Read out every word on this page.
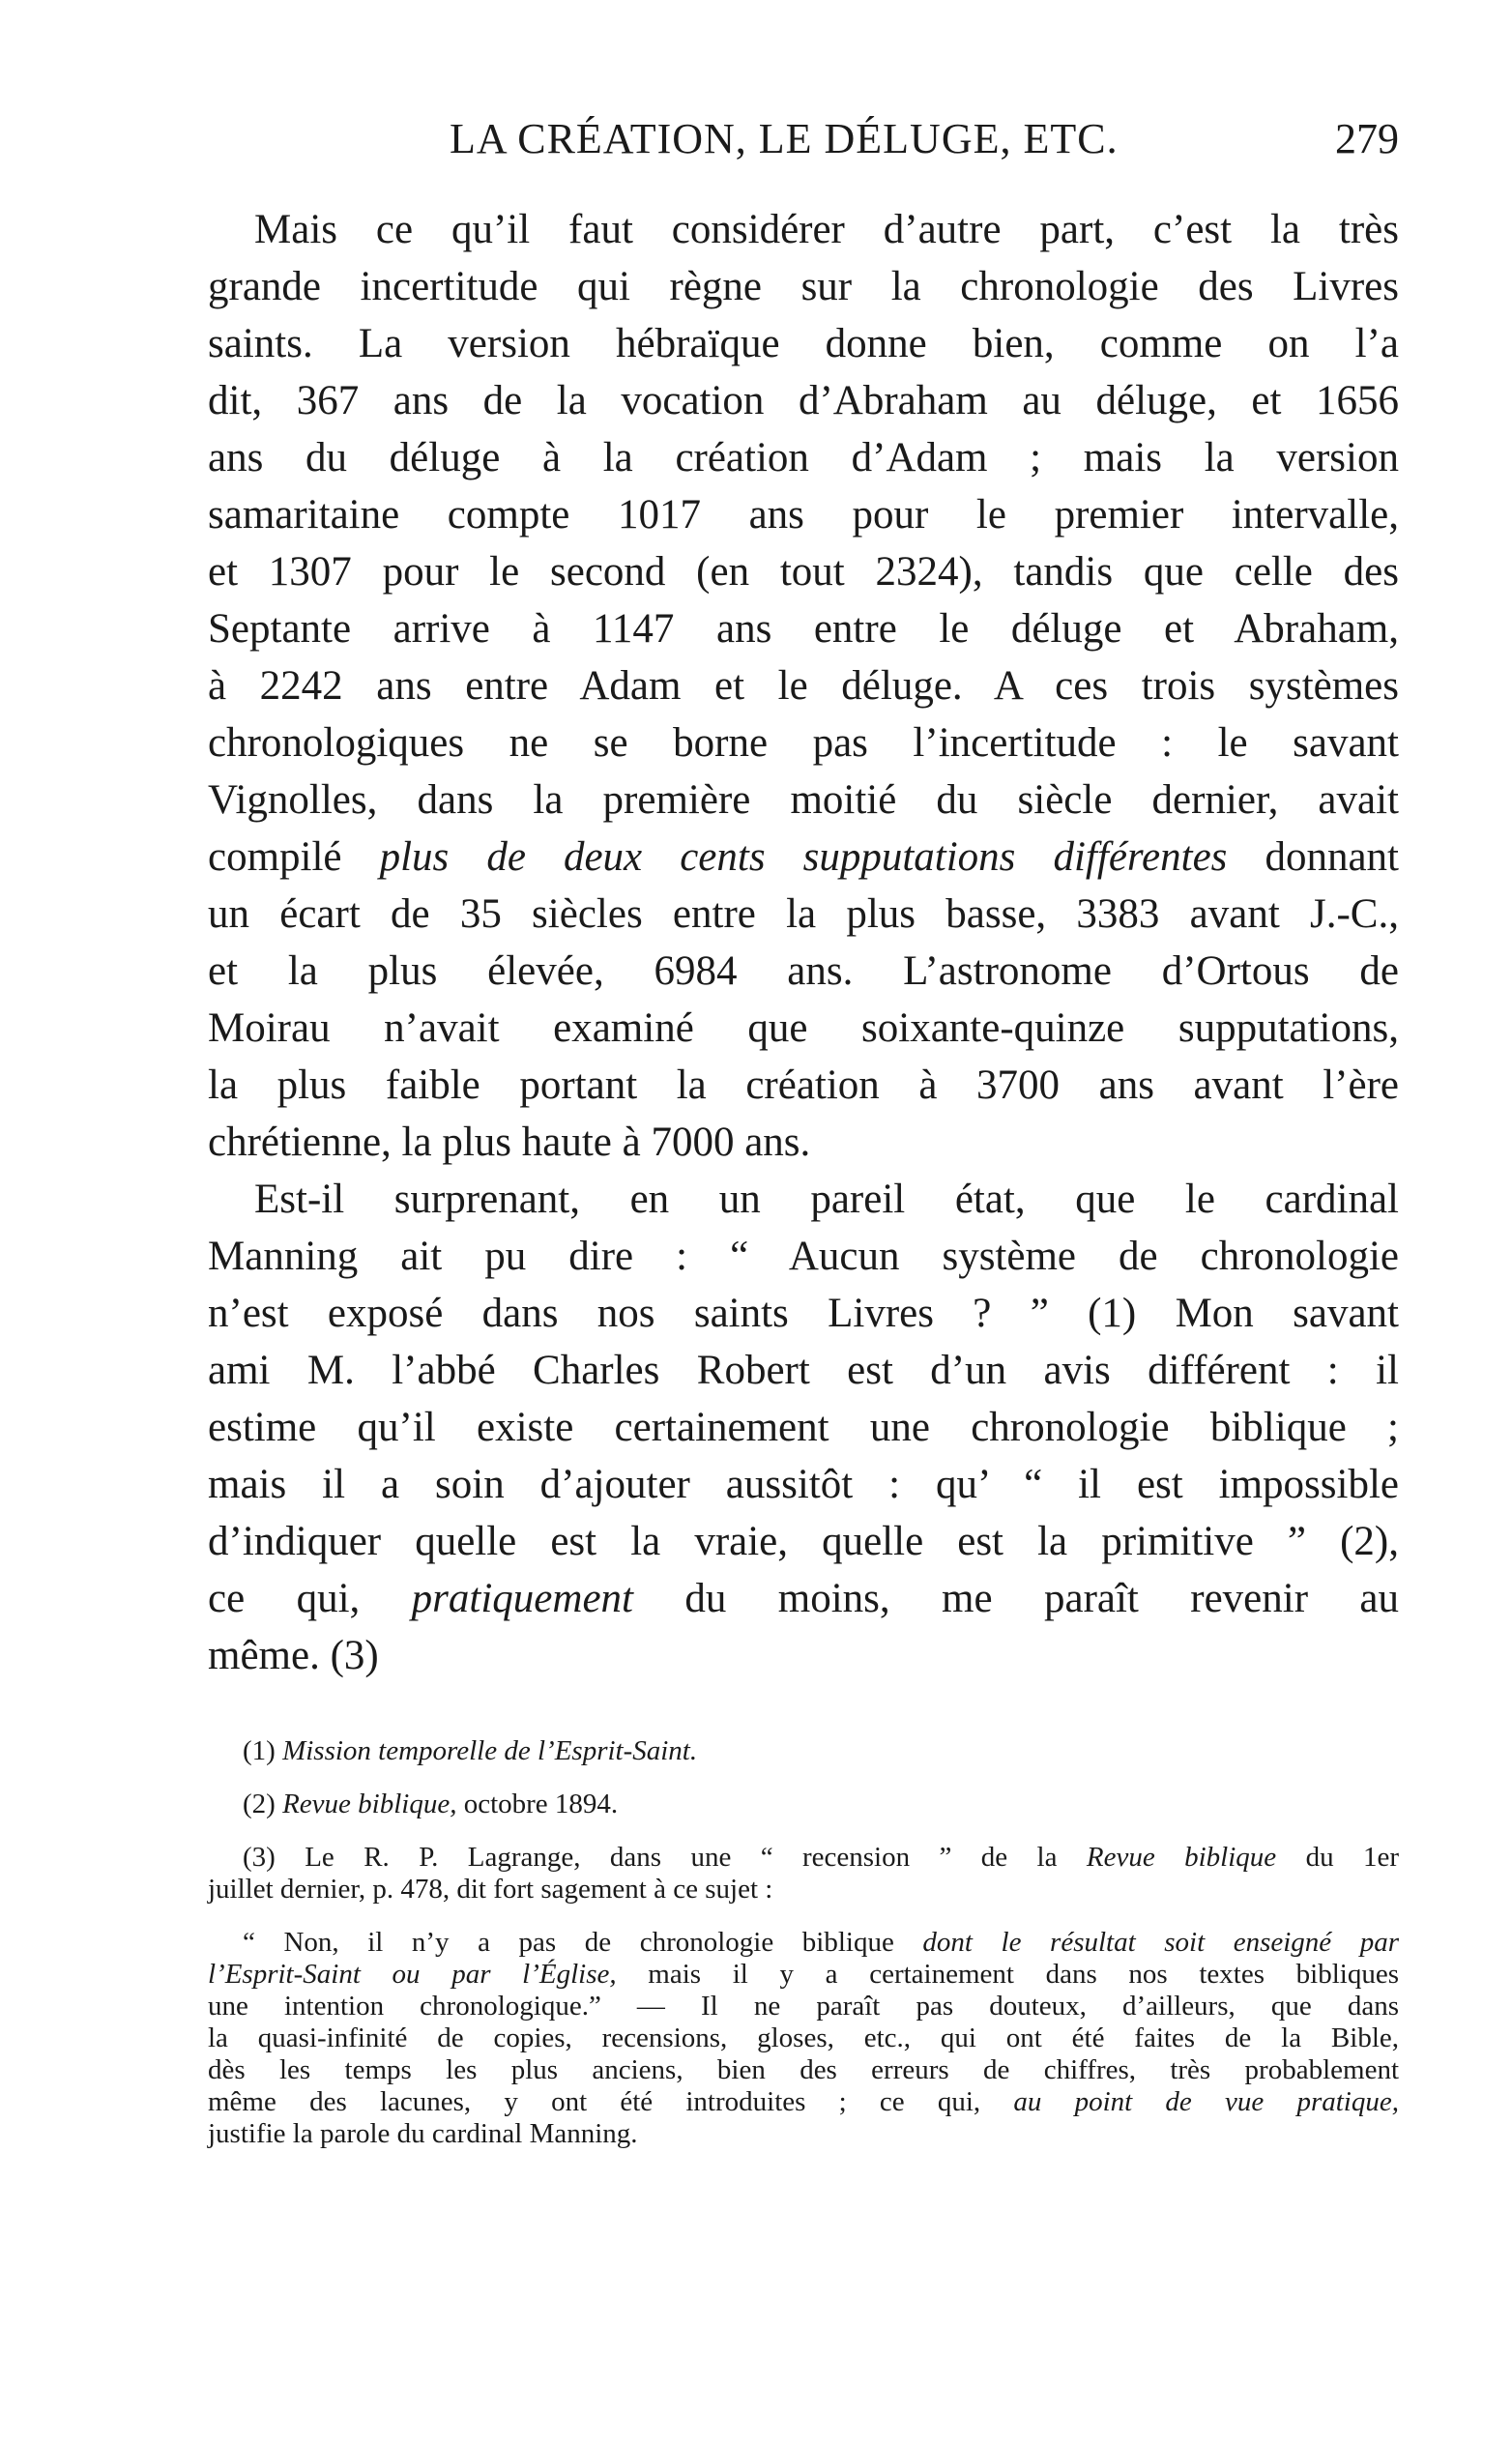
LA CRÉATION, LE DÉLUGE, ETC.	279
Mais ce qu’il faut considérer d’autre part, c’est la très
grande incertitude qui règne sur la chronologie des Livres
saints. La version hébraïque donne bien, comme on l’a
dit, 367 ans de la vocation d’Abraham au déluge, et 1656
ans du déluge à la création d’Adam ; mais la version
samaritaine compte 1017 ans pour le premier intervalle,
et 1307 pour le second (en tout 2324), tandis que celle des
Septante arrive à 1147 ans entre le déluge et Abraham,
à 2242 ans entre Adam et le déluge. A ces trois systèmes
chronologiques ne se borne pas l’incertitude : le savant
Vignolles, dans la première moitié du siècle dernier, avait
compilé plus de deux cents supputations différentes donnant
un écart de 35 siècles entre la plus basse, 3383 avant J.-C.,
et la plus élevée, 6984 ans. L’astronome d’Ortous de
Moirau n’avait examiné que soixante-quinze supputations,
la plus faible portant la création à 3700 ans avant l’ère
chrétienne, la plus haute à 7000 ans.
Est-il surprenant, en un pareil état, que le cardinal
Manning ait pu dire : “ Aucun système de chronologie
n’est exposé dans nos saints Livres ? ” (1) Mon savant
ami M. l’abbé Charles Robert est d’un avis différent : il
estime qu’il existe certainement une chronologie biblique ;
mais il a soin d’ajouter aussitôt : qu’ “ il est impossible
d’indiquer quelle est la vraie, quelle est la primitive ” (2),
ce qui, pratiquement du moins, me paraît revenir au
même. (3)
(1) Mission temporelle de l’Esprit-Saint.
(2) Revue biblique, octobre 1894.
(3) Le R. P. Lagrange, dans une “ recension ” de la Revue biblique du 1er
juillet dernier, p. 478, dit fort sagement à ce sujet :
“ Non, il n’y a pas de chronologie biblique dont le résultat soit enseigné par
l’Esprit-Saint ou par l’Église, mais il y a certainement dans nos textes bibliques
une intention chronologique.” — Il ne paraît pas douteux, d’ailleurs, que dans
la quasi-infinité de copies, recensions, gloses, etc., qui ont été faites de la Bible,
dès les temps les plus anciens, bien des erreurs de chiffres, très probablement
même des lacunes, y ont été introduites ; ce qui, au point de vue pratique,
justifie la parole du cardinal Manning.
